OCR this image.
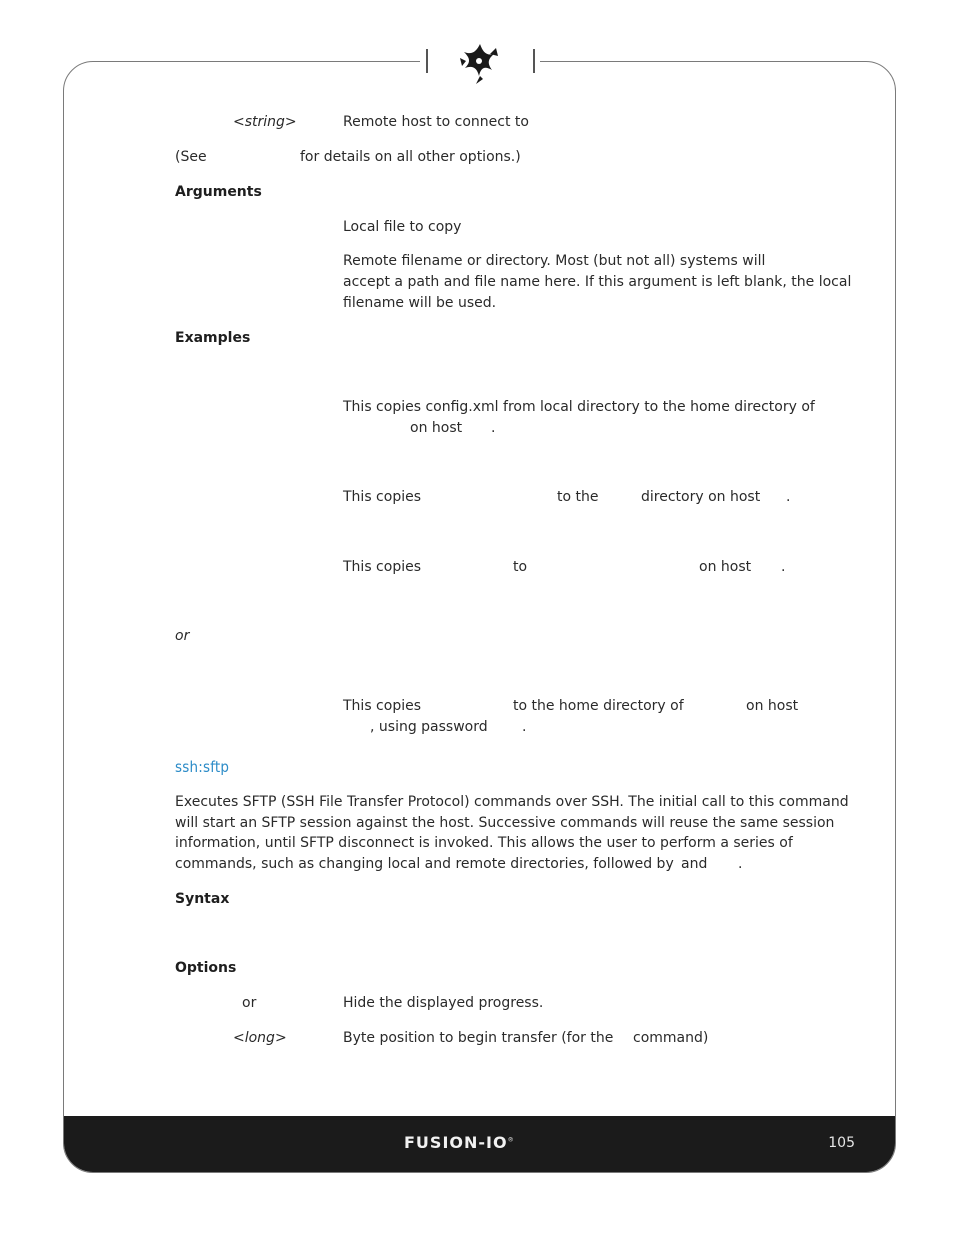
FUSION-IO®	105
<string>	Remote host to connect to
(See	for details on all other options.)
Arguments
Local file to copy
Remote filename or directory. Most (but not all) systems will
accept a path and file name here. If this argument is left blank, the local
filename will be used.
Examples
This copies config.xml from local directory to the home directory of
on host .
This copies	to the	directory on host .
This copies	to	on host .
or
This copies	to the home directory of	on host
, using password .
ssh:sftp
Executes SFTP (SSH File Transfer Protocol) commands over SSH. The initial call to this command
will start an SFTP session against the host. Successive commands will reuse the same session
information, until SFTP disconnect is invoked. This allows the user to perform a series of
commands, such as changing local and remote directories, followed by and .
Syntax
Options
or	Hide the displayed progress.
<long>	Byte position to begin transfer (for the command)
